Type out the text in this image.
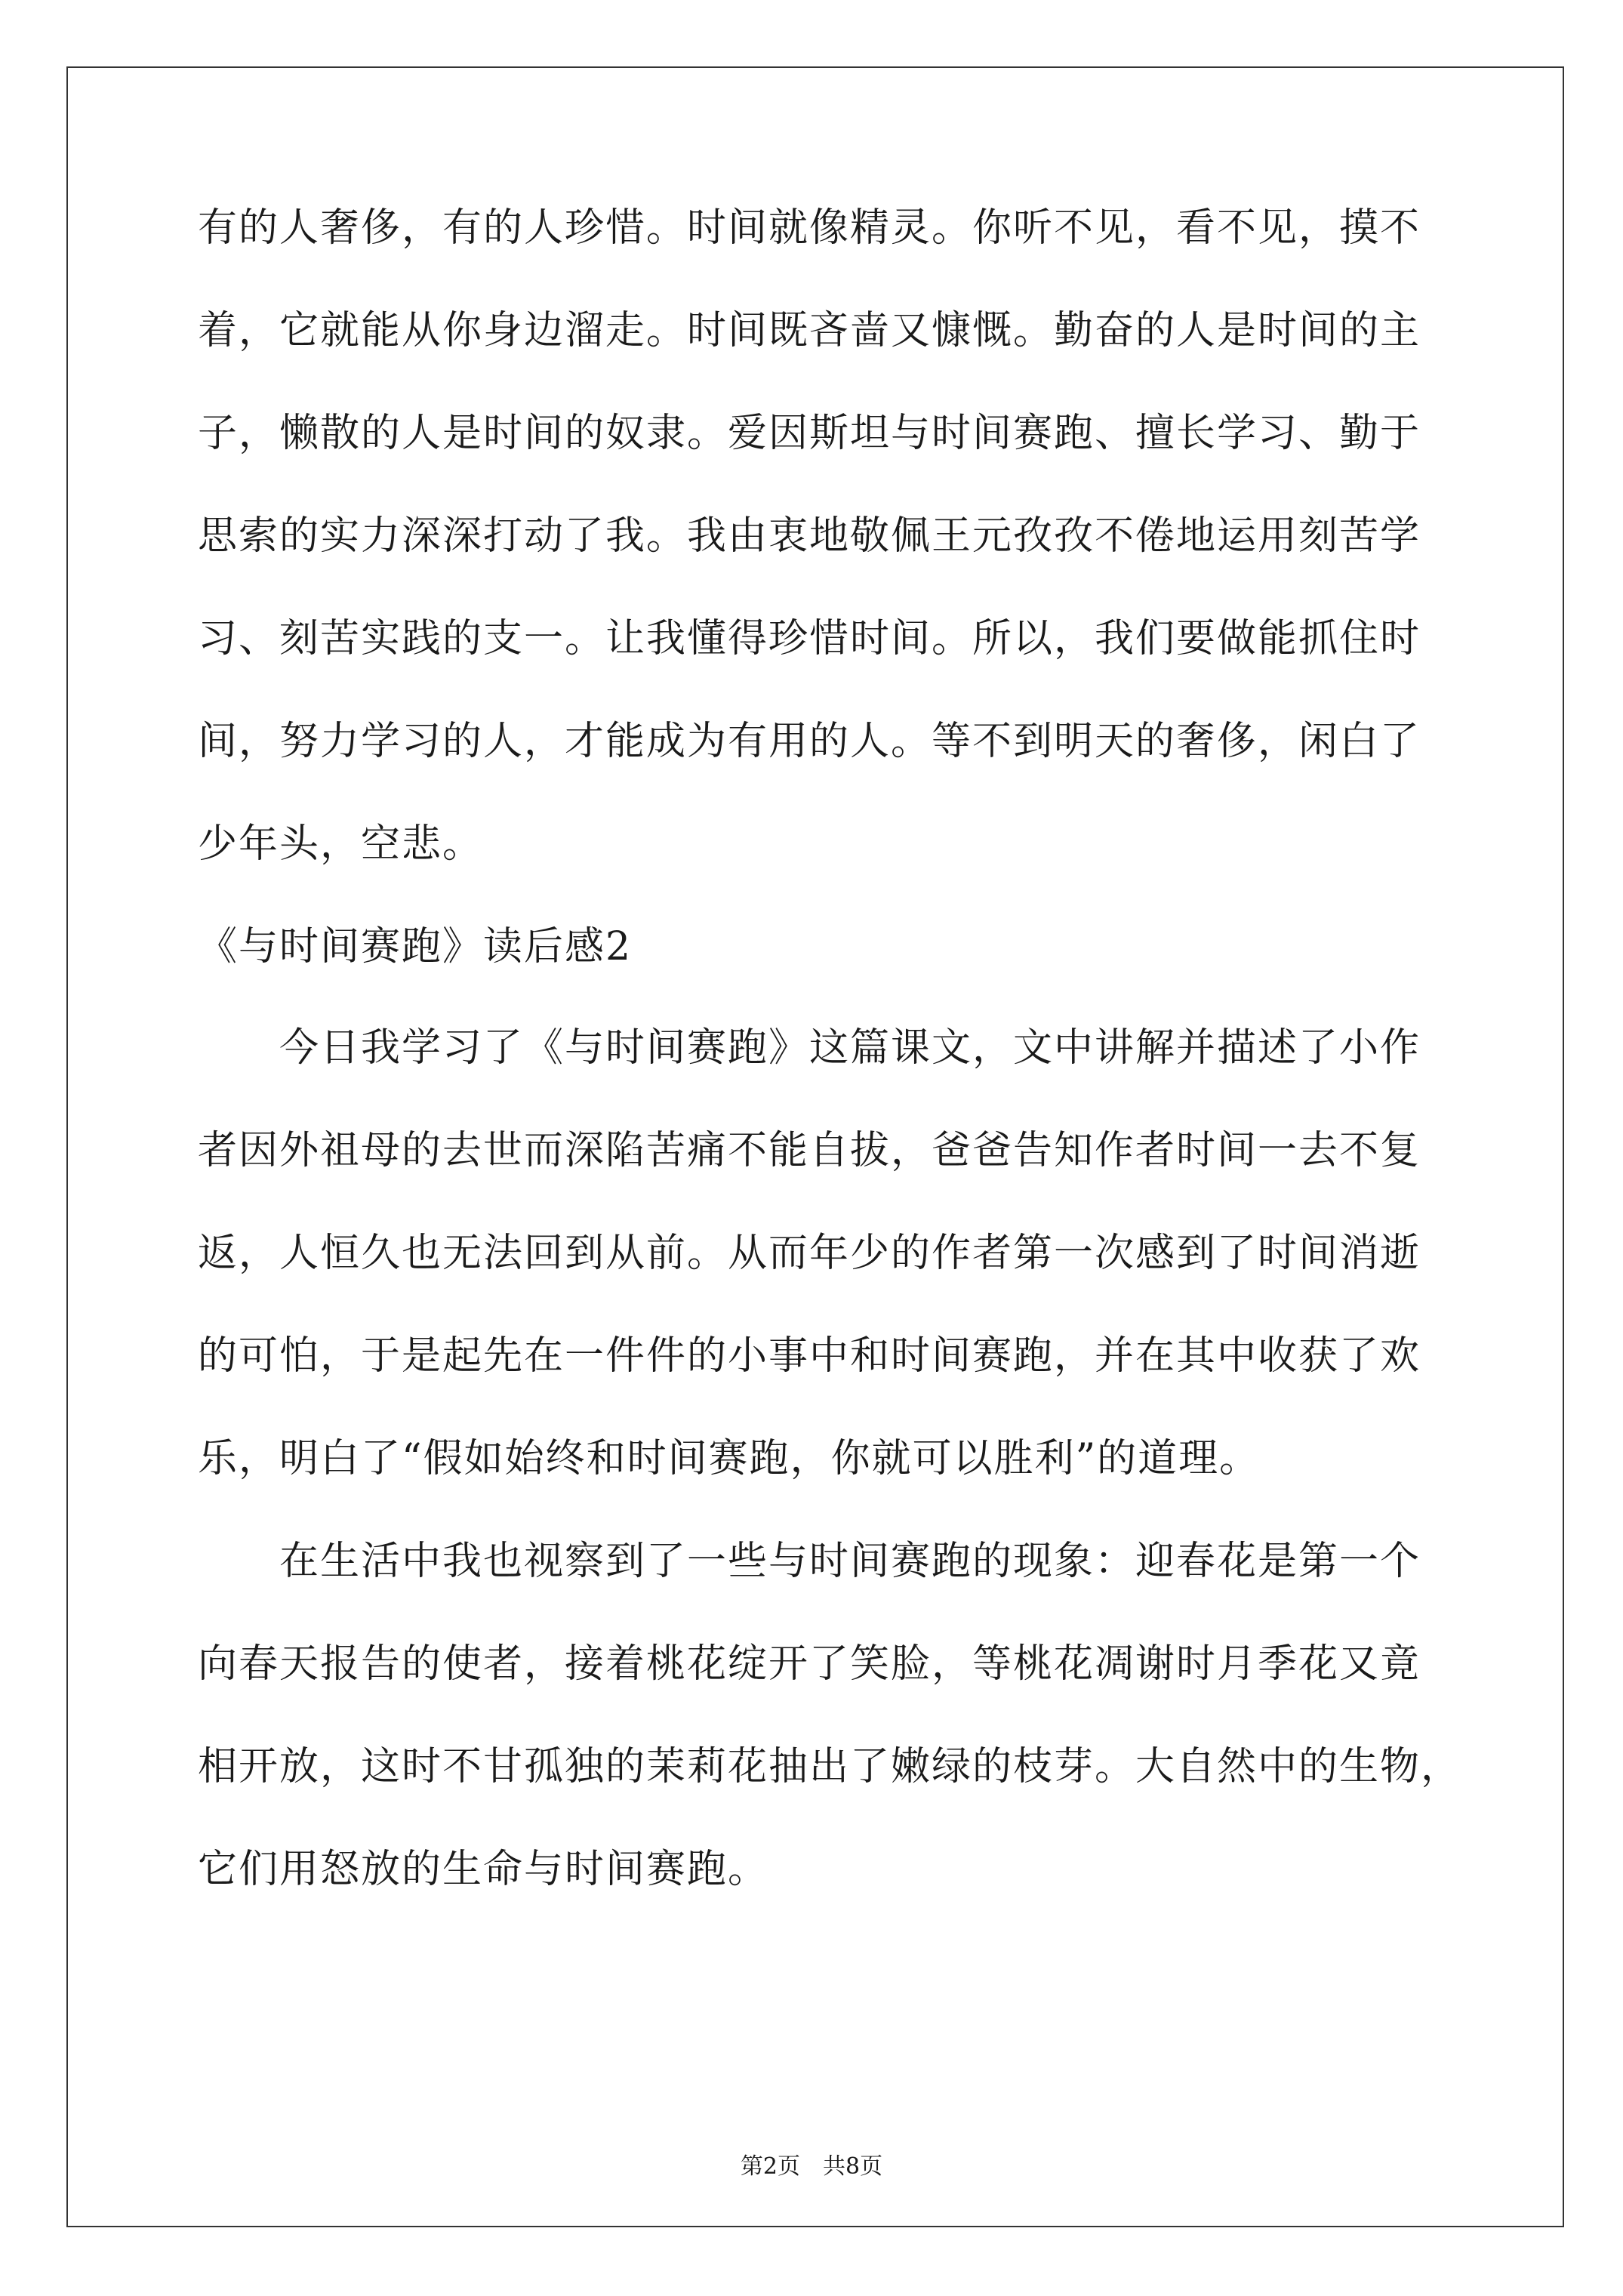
有的人奢侈，有的人珍惜。时间就像精灵。你听不见，看不见，摸不
着，它就能从你身边溜走。时间既吝啬又慷慨。勤奋的人是时间的主
子，懒散的人是时间的奴隶。爱因斯坦与时间赛跑、擅长学习、勤于
思索的实力深深打动了我。我由衷地敬佩王元孜孜不倦地运用刻苦学
习、刻苦实践的支一。让我懂得珍惜时间。所以，我们要做能抓住时
间，努力学习的人，才能成为有用的人。等不到明天的奢侈，闲白了
少年头，空悲。
《与时间赛跑》读后感2
今日我学习了《与时间赛跑》这篇课文，文中讲解并描述了小作
者因外祖母的去世而深陷苦痛不能自拔，爸爸告知作者时间一去不复
返，人恒久也无法回到从前。从而年少的作者第一次感到了时间消逝
的可怕，于是起先在一件件的小事中和时间赛跑，并在其中收获了欢
乐，明白了“假如始终和时间赛跑，你就可以胜利”的道理。
在生活中我也视察到了一些与时间赛跑的现象：迎春花是第一个
向春天报告的使者，接着桃花绽开了笑脸，等桃花凋谢时月季花又竟
相开放，这时不甘孤独的茉莉花抽出了嫩绿的枝芽。大自然中的生物，
它们用怒放的生命与时间赛跑。
第2页　共8页
